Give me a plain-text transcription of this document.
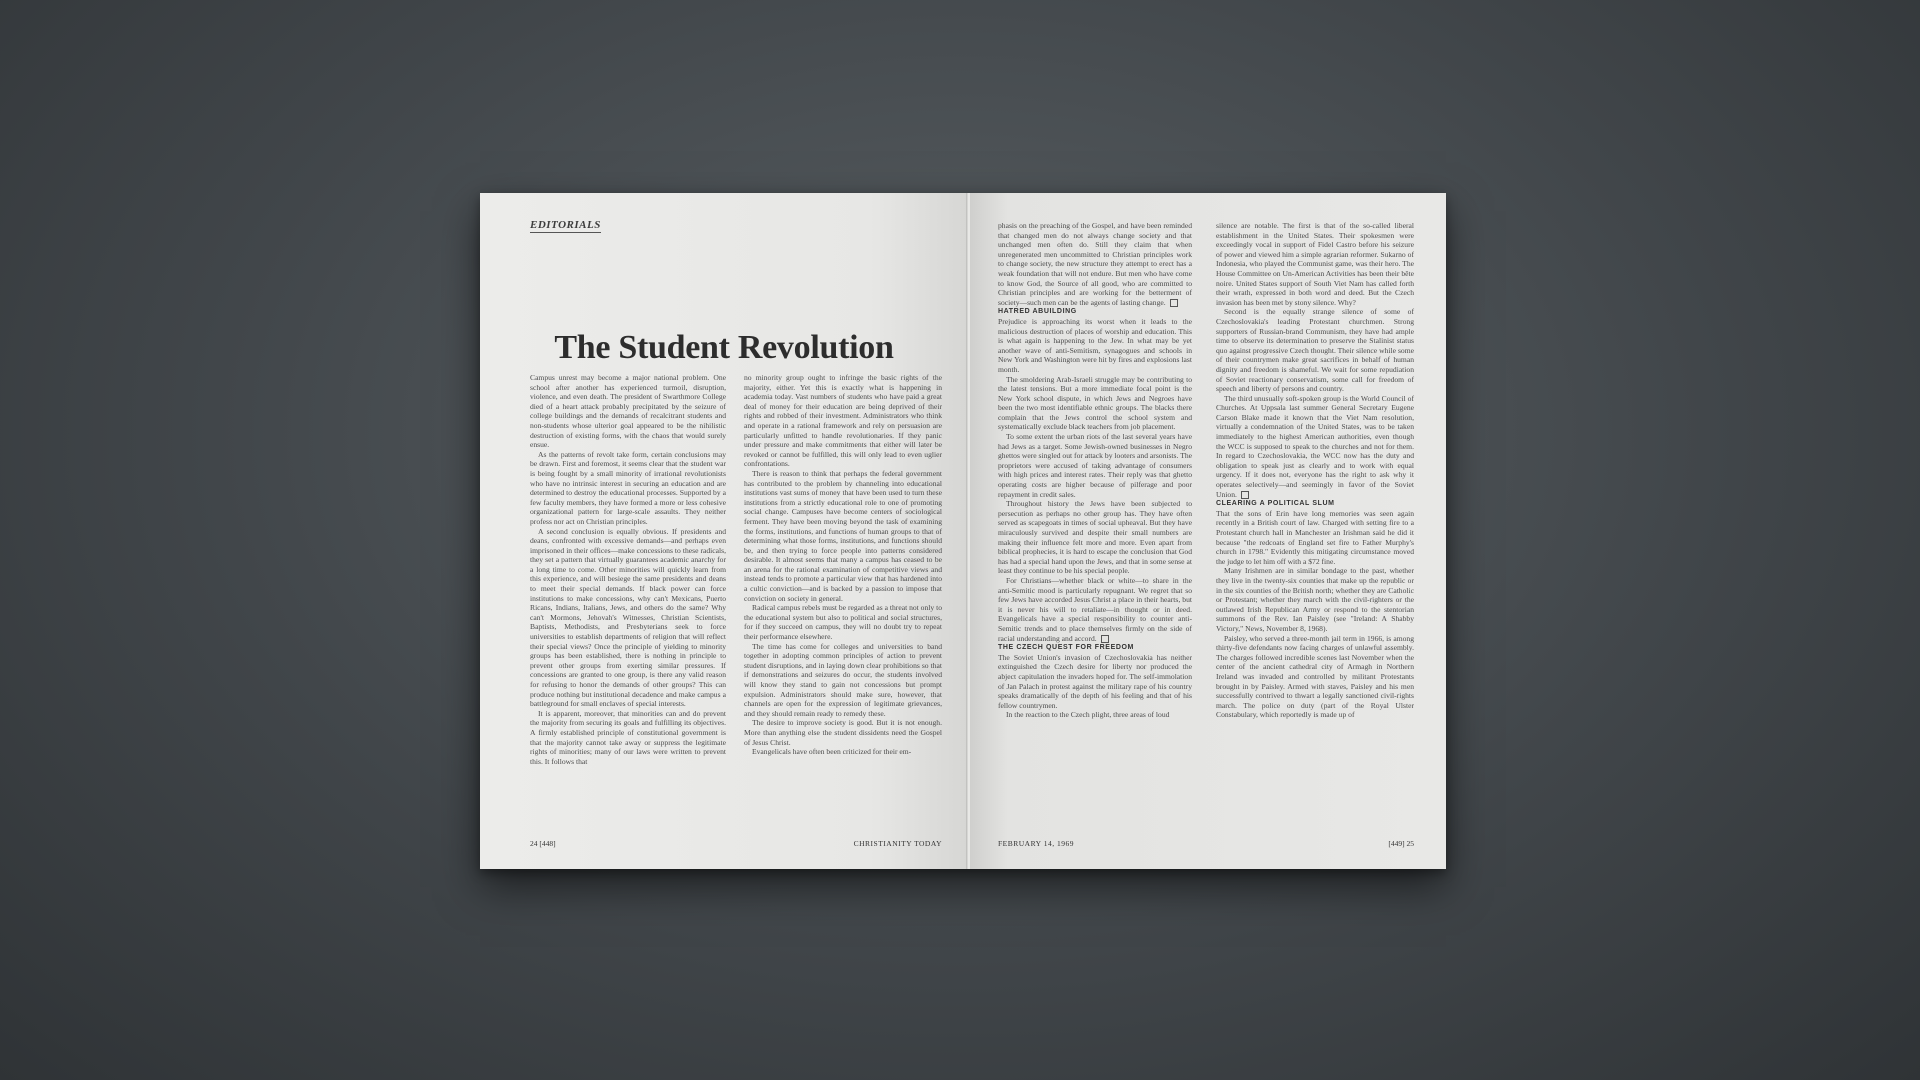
EDITORIALS
The Student Revolution

Campus unrest may become a major national problem. One school after another has experienced turmoil, disruption, violence, and even death. The president of Swarthmore College died of a heart attack probably precipitated by the seizure of college buildings and the demands of recalcitrant students and non-students whose ulterior goal appeared to be the nihilistic destruction of existing forms, with the chaos that would surely ensue.

As the patterns of revolt take form, certain conclusions may be drawn. First and foremost, it seems clear that the student war is being fought by a small minority of irrational revolutionists who have no intrinsic interest in securing an education and are determined to destroy the educational processes. Supported by a few faculty members, they have formed a more or less cohesive organizational pattern for large-scale assaults. They neither profess nor act on Christian principles.

A second conclusion is equally obvious. If presidents and deans, confronted with excessive demands—and perhaps even imprisoned in their offices—make concessions to these radicals, they set a pattern that virtually guarantees academic anarchy for a long time to come. Other minorities will quickly learn from this experience, and will besiege the same presidents and deans to meet their special demands. If black power can force institutions to make concessions, why can't Mexicans, Puerto Ricans, Indians, Italians, Jews, and others do the same? Why can't Mormons, Jehovah's Witnesses, Christian Scientists, Baptists, Methodists, and Presbyterians seek to force universities to establish departments of religion that will reflect their special views? Once the principle of yielding to minority groups has been established, there is nothing in principle to prevent other groups from exerting similar pressures. If concessions are granted to one group, is there any valid reason for refusing to honor the demands of other groups? This can produce nothing but institutional decadence and make campus a battleground for small enclaves of special interests.

It is apparent, moreover, that minorities can and do prevent the majority from securing its goals and fulfilling its objectives. A firmly established principle of constitutional government is that the majority cannot take away or suppress the legitimate rights of minorities; many of our laws were written to prevent this. It follows that

no minority group ought to infringe the basic rights of the majority, either. Yet this is exactly what is happening in academia today. Vast numbers of students who have paid a great deal of money for their education are being deprived of their rights and robbed of their investment. Administrators who think and operate in a rational framework and rely on persuasion are particularly unfitted to handle revolutionaries. If they panic under pressure and make commitments that either will later be revoked or cannot be fulfilled, this will only lead to even uglier confrontations.

There is reason to think that perhaps the federal government has contributed to the problem by channeling into educational institutions vast sums of money that have been used to turn these institutions from a strictly educational role to one of promoting social change. Campuses have become centers of sociological ferment. They have been moving beyond the task of examining the forms, institutions, and functions of human groups to that of determining what those forms, institutions, and functions should be, and then trying to force people into patterns considered desirable. It almost seems that many a campus has ceased to be an arena for the rational examination of competitive views and instead tends to promote a particular view that has hardened into a cultic conviction—and is backed by a passion to impose that conviction on society in general.

Radical campus rebels must be regarded as a threat not only to the educational system but also to political and social structures, for if they succeed on campus, they will no doubt try to repeat their performance elsewhere.

The time has come for colleges and universities to band together in adopting common principles of action to prevent student disruptions, and in laying down clear prohibitions so that if demonstrations and seizures do occur, the students involved will know they stand to gain not concessions but prompt expulsion. Administrators should make sure, however, that channels are open for the expression of legitimate grievances, and they should remain ready to remedy these.

The desire to improve society is good. But it is not enough. More than anything else the student dissidents need the Gospel of Jesus Christ.

Evangelicals have often been criticized for their em-

24 [448]	CHRISTIANITY TODAY

phasis on the preaching of the Gospel, and have been reminded that changed men do not always change society and that unchanged men often do. Still they claim that when unregenerated men uncommitted to Christian principles work to change society, the new structure they attempt to erect has a weak foundation that will not endure. But men who have come to know God, the Source of all good, who are committed to Christian principles and are working for the betterment of society—such men can be the agents of lasting change.

HATRED ABUILDING

Prejudice is approaching its worst when it leads to the malicious destruction of places of worship and education. This is what again is happening to the Jew. In what may be yet another wave of anti-Semitism, synagogues and schools in New York and Washington were hit by fires and explosions last month.

The smoldering Arab-Israeli struggle may be contributing to the latest tensions. But a more immediate focal point is the New York school dispute, in which Jews and Negroes have been the two most identifiable ethnic groups. The blacks there complain that the Jews control the school system and systematically exclude black teachers from job placement.

To some extent the urban riots of the last several years have had Jews as a target. Some Jewish-owned businesses in Negro ghettos were singled out for attack by looters and arsonists. The proprietors were accused of taking advantage of consumers with high prices and interest rates. Their reply was that ghetto operating costs are higher because of pilferage and poor repayment in credit sales.

Throughout history the Jews have been subjected to persecution as perhaps no other group has. They have often served as scapegoats in times of social upheaval. But they have miraculously survived and despite their small numbers are making their influence felt more and more. Even apart from biblical prophecies, it is hard to escape the conclusion that God has had a special hand upon the Jews, and that in some sense at least they continue to be his special people.

For Christians—whether black or white—to share in the anti-Semitic mood is particularly repugnant. We regret that so few Jews have accorded Jesus Christ a place in their hearts, but it is never his will to retaliate—in thought or in deed. Evangelicals have a special responsibility to counter anti-Semitic trends and to place themselves firmly on the side of racial understanding and accord.

THE CZECH QUEST FOR FREEDOM

The Soviet Union's invasion of Czechoslovakia has neither extinguished the Czech desire for liberty nor produced the abject capitulation the invaders hoped for. The self-immolation of Jan Palach in protest against the military rape of his country speaks dramatically of the depth of his feeling and that of his fellow countrymen.

In the reaction to the Czech plight, three areas of loud

silence are notable. The first is that of the so-called liberal establishment in the United States. Their spokesmen were exceedingly vocal in support of Fidel Castro before his seizure of power and viewed him a simple agrarian reformer. Sukarno of Indonesia, who played the Communist game, was their hero. The House Committee on Un-American Activities has been their bête noire. United States support of South Viet Nam has called forth their wrath, expressed in both word and deed. But the Czech invasion has been met by stony silence. Why?

Second is the equally strange silence of some of Czechoslovakia's leading Protestant churchmen. Strong supporters of Russian-brand Communism, they have had ample time to observe its determination to preserve the Stalinist status quo against progressive Czech thought. Their silence while some of their countrymen make great sacrifices in behalf of human dignity and freedom is shameful. We wait for some repudiation of Soviet reactionary conservatism, some call for freedom of speech and liberty of persons and country.

The third unusually soft-spoken group is the World Council of Churches. At Uppsala last summer General Secretary Eugene Carson Blake made it known that the Viet Nam resolution, virtually a condemnation of the United States, was to be taken immediately to the highest American authorities, even though the WCC is supposed to speak to the churches and not for them. In regard to Czechoslovakia, the WCC now has the duty and obligation to speak just as clearly and to work with equal urgency. If it does not, everyone has the right to ask why it operates selectively—and seemingly in favor of the Soviet Union.

CLEARING A POLITICAL SLUM

That the sons of Erin have long memories was seen again recently in a British court of law. Charged with setting fire to a Protestant church hall in Manchester an Irishman said he did it because "the redcoats of England set fire to Father Murphy's church in 1798." Evidently this mitigating circumstance moved the judge to let him off with a $72 fine.

Many Irishmen are in similar bondage to the past, whether they live in the twenty-six counties that make up the republic or in the six counties of the British north; whether they are Catholic or Protestant; whether they march with the civil-righters or the outlawed Irish Republican Army or respond to the stentorian summons of the Rev. Ian Paisley (see "Ireland: A Shabby Victory," News, November 8, 1968).

Paisley, who served a three-month jail term in 1966, is among thirty-five defendants now facing charges of unlawful assembly. The charges followed incredible scenes last November when the center of the ancient cathedral city of Armagh in Northern Ireland was invaded and controlled by militant Protestants brought in by Paisley. Armed with staves, Paisley and his men successfully contrived to thwart a legally sanctioned civil-rights march. The police on duty (part of the Royal Ulster Constabulary, which reportedly is made up of

FEBRUARY 14, 1969	[449] 25
